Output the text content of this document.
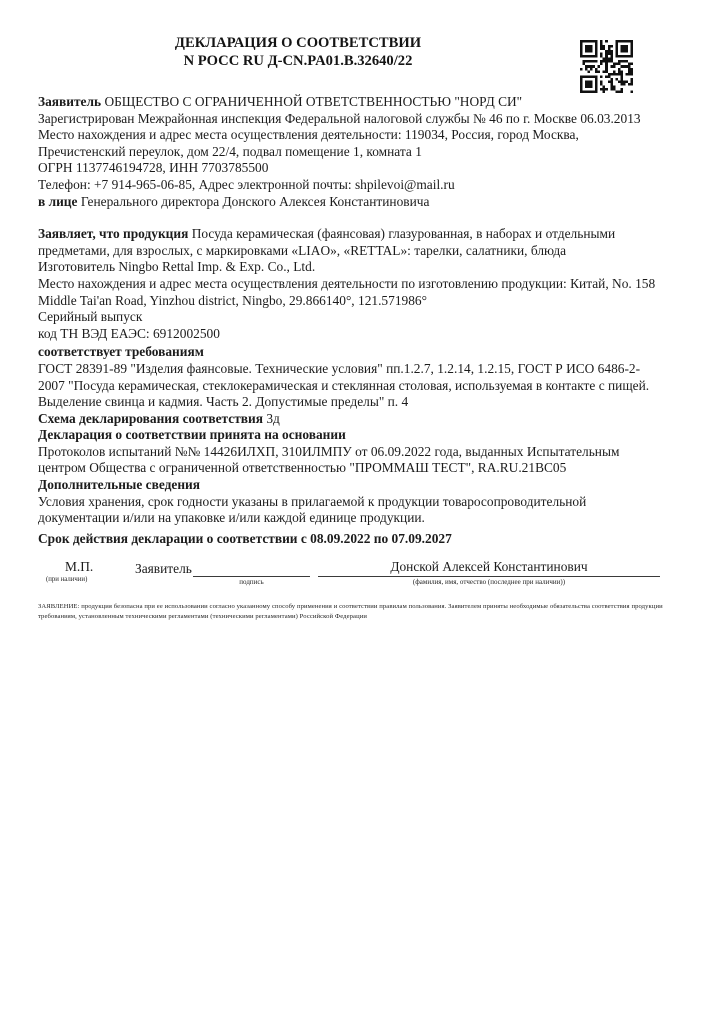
ДЕКЛАРАЦИЯ О СООТВЕТСТВИИ

N РОСС RU Д-CN.PA01.B.32640/22

Заявитель ОБЩЕСТВО С ОГРАНИЧЕННОЙ ОТВЕТСТВЕННОСТЬЮ "НОРД СИ"

Зарегистрирован Межрайонная инспекция Федеральной налоговой службы № 46 по г. Москве 06.03.2013

Место нахождения и адрес места осуществления деятельности: 119034, Россия, город Москва, Пречистенский переулок, дом 22/4, подвал помещение 1, комната 1

ОГРН 1137746194728, ИНН 7703785500

Телефон: +7 914-965-06-85, Адрес электронной почты: shpilevoi@mail.ru

в лице Генерального директора Донского Алексея Константиновича

Заявляет, что продукция Посуда керамическая (фаянсовая) глазурованная, в наборах и отдельными предметами, для взрослых, с маркировками «LIAO», «RETTAL»: тарелки, салатники, блюда

Изготовитель Ningbo Rettal Imp. & Exp. Co., Ltd.

Место нахождения и адрес места осуществления деятельности по изготовлению продукции: Китай, No. 158 Middle Tai'an Road, Yinzhou district, Ningbo, 29.866140°, 121.571986°

Серийный выпуск

код ТН ВЭД ЕАЭС: 6912002500

соответствует требованиям

ГОСТ 28391-89 "Изделия фаянсовые. Технические условия" пп.1.2.7, 1.2.14, 1.2.15, ГОСТ Р ИСО 6486-2-2007 "Посуда керамическая, стеклокерамическая и стеклянная столовая, используемая в контакте с пищей. Выделение свинца и кадмия. Часть 2. Допустимые пределы" п. 4

Схема декларирования соответствия 3д

Декларация о соответствии принята на основании

Протоколов испытаний №№ 14426ИЛХП, 310ИЛМПУ от 06.09.2022 года, выданных Испытательным центром Общества с ограниченной ответственностью "ПРОММАШ ТЕСТ", RA.RU.21ВС05

Дополнительные сведения

Условия хранения, срок годности указаны в прилагаемой к продукции товаросопроводительной документации и/или на упаковке и/или каждой единице продукции.

Срок действия декларации о соответствии с 08.09.2022 по 07.09.2027

М.П.
(при наличии)
Заявитель
подпись
Донской Алексей Константинович
(фамилия, имя, отчество (последнее при наличии))

ЗАЯВЛЕНИЕ: продукция безопасна при ее использовании согласно указанному способу применения и соответствии правилам пользования. Заявителем приняты необходимые обязательства соответствия продукции требованиям, установленным техническими регламентами (техническими регламентами) Российской Федерации
